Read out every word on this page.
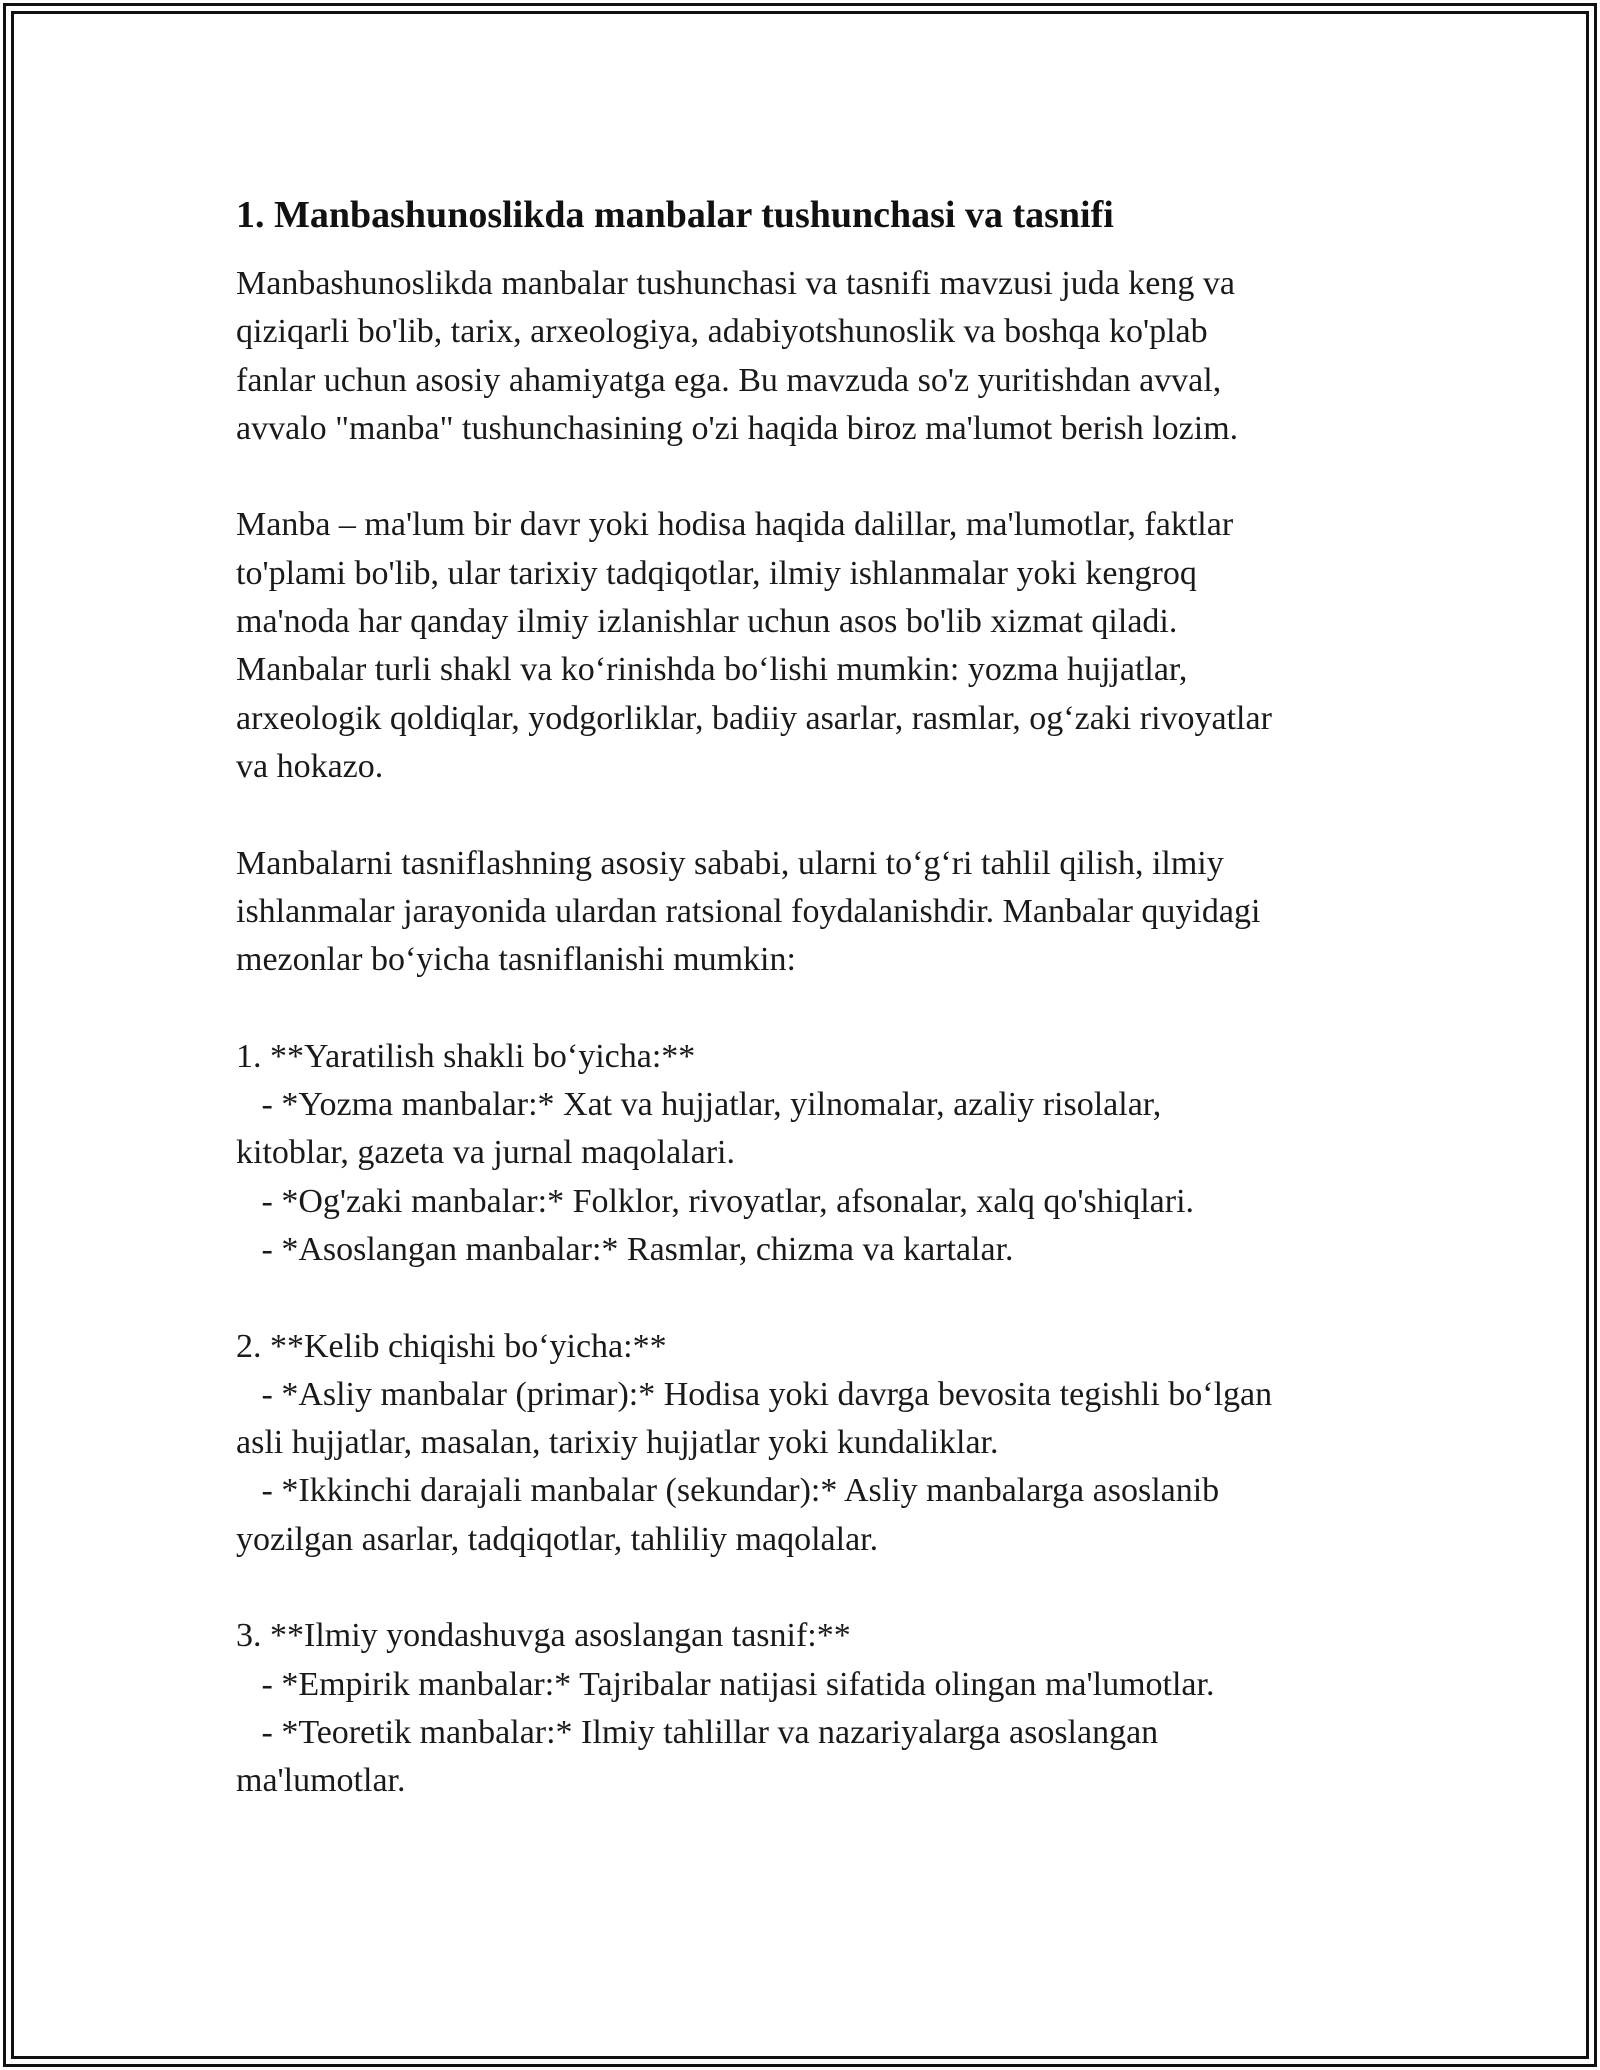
1. Manbashunoslikda manbalar tushunchasi va tasnifi
Manbashunoslikda manbalar tushunchasi va tasnifi mavzusi juda keng va
qiziqarli bo'lib, tarix, arxeologiya, adabiyotshunoslik va boshqa ko'plab
fanlar uchun asosiy ahamiyatga ega. Bu mavzuda so'z yuritishdan avval,
avvalo "manba" tushunchasining o'zi haqida biroz ma'lumot berish lozim.
Manba – ma'lum bir davr yoki hodisa haqida dalillar, ma'lumotlar, faktlar
to'plami bo'lib, ular tarixiy tadqiqotlar, ilmiy ishlanmalar yoki kengroq
ma'noda har qanday ilmiy izlanishlar uchun asos bo'lib xizmat qiladi.
Manbalar turli shakl va ko‘rinishda bo‘lishi mumkin: yozma hujjatlar,
arxeologik qoldiqlar, yodgorliklar, badiiy asarlar, rasmlar, og‘zaki rivoyatlar
va hokazo.
Manbalarni tasniflashning asosiy sababi, ularni to‘g‘ri tahlil qilish, ilmiy
ishlanmalar jarayonida ulardan ratsional foydalanishdir. Manbalar quyidagi
mezonlar bo‘yicha tasniflanishi mumkin:
1. **Yaratilish shakli bo‘yicha:**
- *Yozma manbalar:* Xat va hujjatlar, yilnomalar, azaliy risolalar,
kitoblar, gazeta va jurnal maqolalari.
- *Og'zaki manbalar:* Folklor, rivoyatlar, afsonalar, xalq qo'shiqlari.
- *Asoslangan manbalar:* Rasmlar, chizma va kartalar.
2. **Kelib chiqishi bo‘yicha:**
- *Asliy manbalar (primar):* Hodisa yoki davrga bevosita tegishli bo‘lgan
asli hujjatlar, masalan, tarixiy hujjatlar yoki kundaliklar.
- *Ikkinchi darajali manbalar (sekundar):* Asliy manbalarga asoslanib
yozilgan asarlar, tadqiqotlar, tahliliy maqolalar.
3. **Ilmiy yondashuvga asoslangan tasnif:**
- *Empirik manbalar:* Tajribalar natijasi sifatida olingan ma'lumotlar.
- *Teoretik manbalar:* Ilmiy tahlillar va nazariyalarga asoslangan
ma'lumotlar.
